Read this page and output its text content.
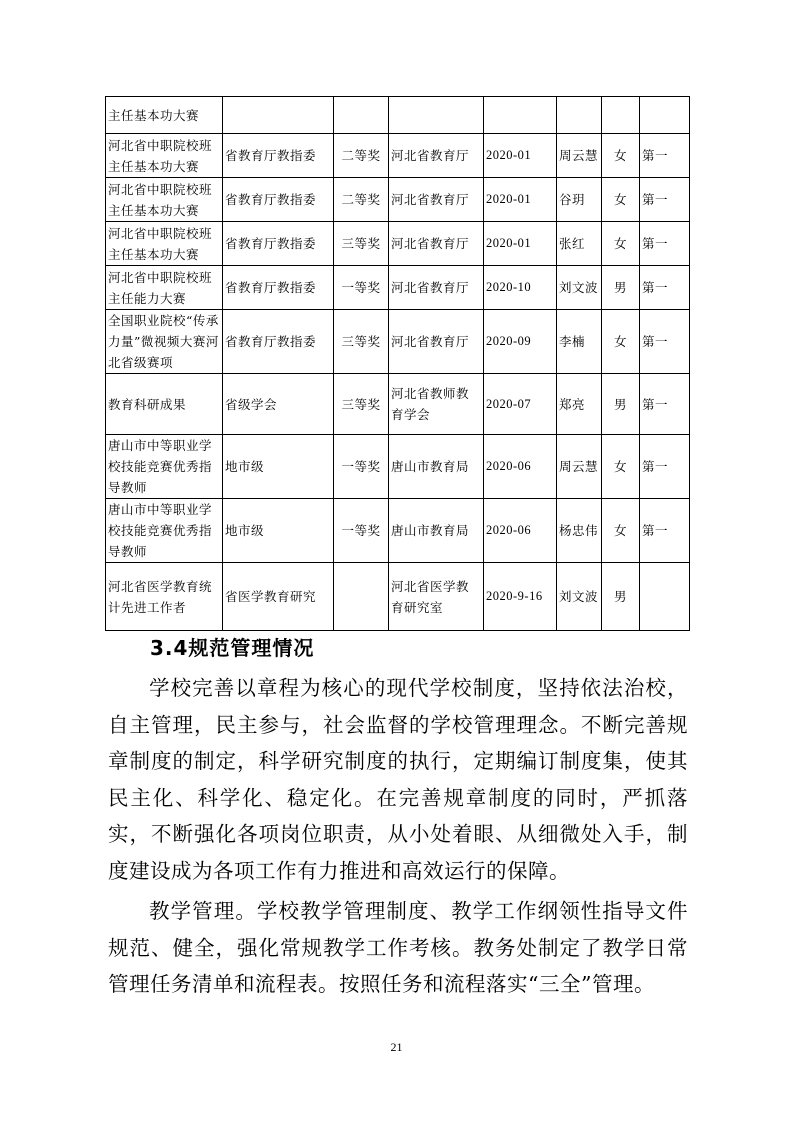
主任基本功大赛							
河北省中职院校班主任基本功大赛	省教育厅教指委	二等奖	河北省教育厅	2020-01	周云慧	女	第一
河北省中职院校班主任基本功大赛	省教育厅教指委	二等奖	河北省教育厅	2020-01	谷玥	女	第一
河北省中职院校班主任基本功大赛	省教育厅教指委	三等奖	河北省教育厅	2020-01	张红	女	第一
河北省中职院校班主任能力大赛	省教育厅教指委	一等奖	河北省教育厅	2020-10	刘文波	男	第一
全国职业院校“传承力量”微视频大赛河北省级赛项	省教育厅教指委	三等奖	河北省教育厅	2020-09	李楠	女	第一
教育科研成果	省级学会	三等奖	河北省教师教育学会	2020-07	郑亮	男	第一
唐山市中等职业学校技能竞赛优秀指导教师	地市级	一等奖	唐山市教育局	2020-06	周云慧	女	第一
唐山市中等职业学校技能竞赛优秀指导教师	地市级	一等奖	唐山市教育局	2020-06	杨忠伟	女	第一
河北省医学教育统计先进工作者	省医学教育研究		河北省医学教育研究室	2020-9-16	刘文波	男	
3.4规范管理情况

学校完善以章程为核心的现代学校制度，坚持依法治校，自主管理，民主参与，社会监督的学校管理理念。不断完善规章制度的制定，科学研究制度的执行，定期编订制度集，使其民主化、科学化、稳定化。在完善规章制度的同时，严抓落实，不断强化各项岗位职责，从小处着眼、从细微处入手，制度建设成为各项工作有力推进和高效运行的保障。

教学管理。学校教学管理制度、教学工作纲领性指导文件规范、健全，强化常规教学工作考核。教务处制定了教学日常管理任务清单和流程表。按照任务和流程落实“三全”管理。

21
